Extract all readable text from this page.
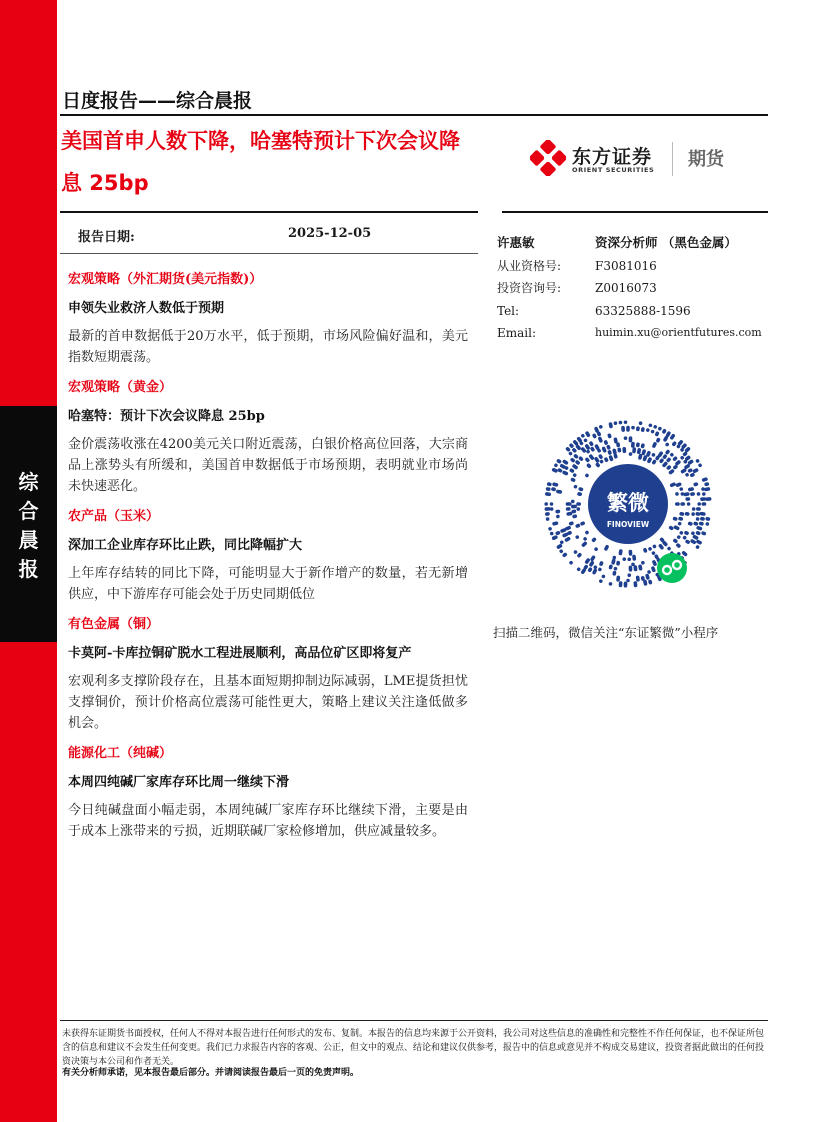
综
合
晨
报
日度报告——综合晨报
美国首申人数下降，哈塞特预计下次会议降
息 25bp
东方证券
ORIENT SECURITIES 期货
报告日期:	2025-12-05
宏观策略（外汇期货(美元指数)）
申领失业救济人数低于预期
最新的首申数据低于20万水平，低于预期，市场风险偏好温和，美元指数短期震荡。
宏观策略（黄金）
哈塞特：预计下次会议降息 25bp
金价震荡收涨在4200美元关口附近震荡，白银价格高位回落，大宗商品上涨势头有所缓和，美国首申数据低于市场预期，表明就业市场尚未快速恶化。
农产品（玉米）
深加工企业库存环比止跌，同比降幅扩大
上年库存结转的同比下降，可能明显大于新作增产的数量，若无新增供应，中下游库存可能会处于历史同期低位
有色金属（铜）
卡莫阿-卡库拉铜矿脱水工程进展顺利，高品位矿区即将复产
宏观利多支撑阶段存在，且基本面短期抑制边际减弱，LME提货担忧支撑铜价，预计价格高位震荡可能性更大，策略上建议关注逢低做多机会。
能源化工（纯碱）
本周四纯碱厂家库存环比周一继续下滑
今日纯碱盘面小幅走弱，本周纯碱厂家库存环比继续下滑，主要是由于成本上涨带来的亏损，近期联碱厂家检修增加，供应减量较多。
许惠敏	资深分析师 （黑色金属）
从业资格号:	F3081016
投资咨询号:	Z0016073
Tel:	63325888-1596
Email:	huimin.xu@orientfutures.com
繁微
FINOVIEW
扫描二维码，微信关注“东证繁微”小程序
未获得东证期货书面授权，任何人不得对本报告进行任何形式的发布、复制。本报告的信息均来源于公开资料，我公司对这些信息的准确性和完整性不作任何保证，也不保证所包含的信息和建议不会发生任何变更。我们已力求报告内容的客观、公正，但文中的观点、结论和建议仅供参考，报告中的信息或意见并不构成交易建议，投资者据此做出的任何投资决策与本公司和作者无关。
有关分析师承诺，见本报告最后部分。并请阅读报告最后一页的免责声明。
